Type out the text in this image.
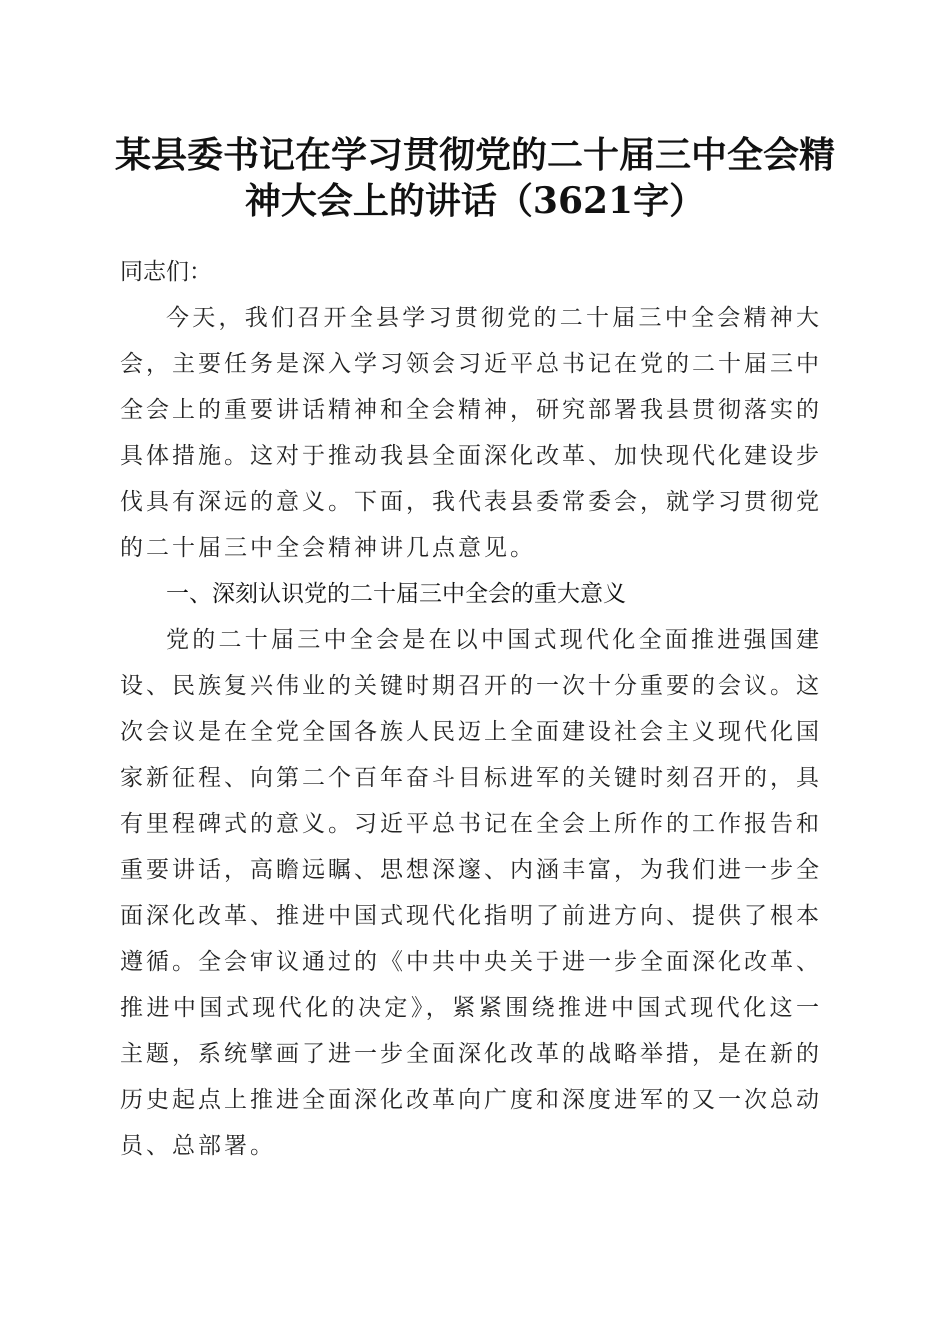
某县委书记在学习贯彻党的二十届三中全会精神大会上的讲话（3621字）

同志们：

今天，我们召开全县学习贯彻党的二十届三中全会精神大会，主要任务是深入学习领会习近平总书记在党的二十届三中全会上的重要讲话精神和全会精神，研究部署我县贯彻落实的具体措施。这对于推动我县全面深化改革、加快现代化建设步伐具有深远的意义。下面，我代表县委常委会，就学习贯彻党的二十届三中全会精神讲几点意见。

一、深刻认识党的二十届三中全会的重大意义

党的二十届三中全会是在以中国式现代化全面推进强国建设、民族复兴伟业的关键时期召开的一次十分重要的会议。这次会议是在全党全国各族人民迈上全面建设社会主义现代化国家新征程、向第二个百年奋斗目标进军的关键时刻召开的，具有里程碑式的意义。习近平总书记在全会上所作的工作报告和重要讲话，高瞻远瞩、思想深邃、内涵丰富，为我们进一步全面深化改革、推进中国式现代化指明了前进方向、提供了根本遵循。全会审议通过的《中共中央关于进一步全面深化改革、推进中国式现代化的决定》，紧紧围绕推进中国式现代化这一主题，系统擘画了进一步全面深化改革的战略举措，是在新的历史起点上推进全面深化改革向广度和深度进军的又一次总动员、总部署。
